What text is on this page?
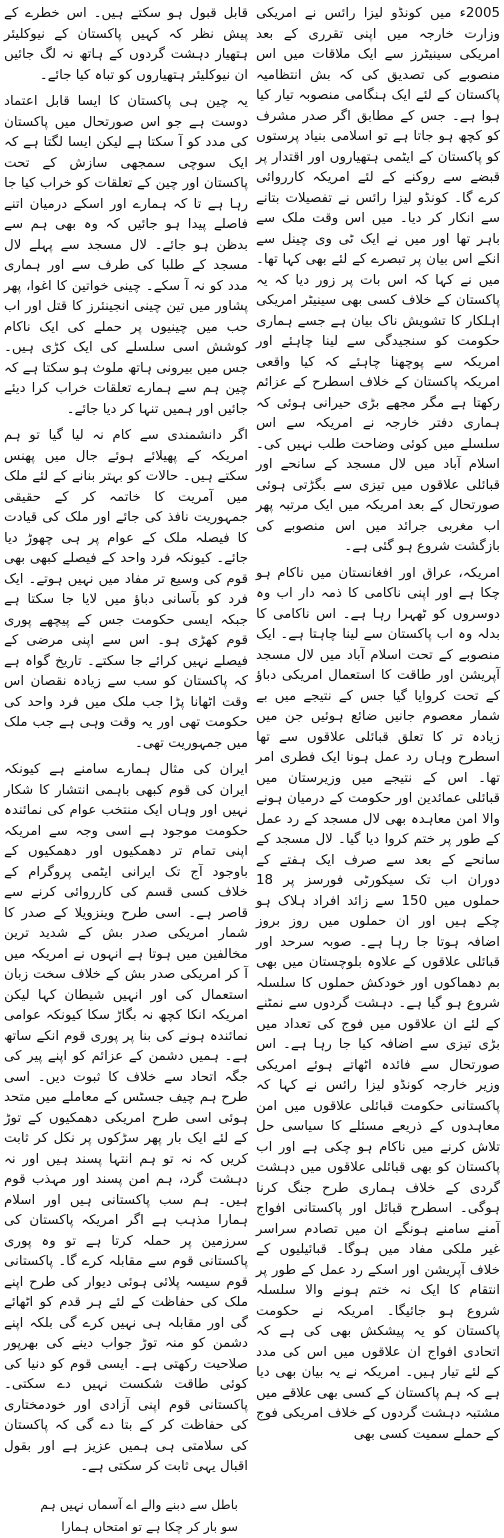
2005ء میں کونڈو لیزا رائس نے امریکی وزارت خارجہ میں اپنی تقرری کے بعد امریکی سینیٹرز سے ایک ملاقات میں اس منصوبے کی تصدیق کی کہ بش انتظامیہ پاکستان کے لئے ایک ہنگامی منصوبہ تیار کیا ہوا ہے۔ جس کے مطابق اگر صدر مشرف کو کچھ ہو جاتا ہے تو اسلامی بنیاد پرستوں کو پاکستان کے ایٹمی ہتھیاروں اور اقتدار پر قبضے سے روکنے کے لئے امریکہ کارروائی کرے گا۔ کونڈو لیزا رائس نے تفصیلات بتانے سے انکار کر دیا۔ میں اس وقت ملک سے باہر تھا اور میں نے ایک ٹی وی چینل سے انکے اس بیان پر تبصرے کے لئے بھی کہا تھا۔ میں نے کہا کہ اس بات پر زور دیا کہ یہ پاکستان کے خلاف کسی بھی سینیٹر امریکی اہلکار کا تشویش ناک بیان ہے جسے ہماری حکومت کو سنجیدگی سے لینا چاہئے اور امریکہ سے پوچھنا چاہئے کہ کیا واقعی امریکہ پاکستان کے خلاف اسطرح کے عزائم رکھتا ہے مگر مجھے بڑی حیرانی ہوئی کہ ہماری دفتر خارجہ نے امریکہ سے اس سلسلے میں کوئی وضاحت طلب نہیں کی۔ اسلام آباد میں لال مسجد کے سانحے اور قبائلی علاقوں میں تیزی سے بگڑتی ہوئی صورتحال کے بعد امریکہ میں ایک مرتبہ پھر اب مغربی جرائد میں اس منصوبے کی بازگشت شروع ہو گئی ہے۔

امریکہ، عراق اور افغانستان میں ناکام ہو چکا ہے اور اپنی ناکامی کا ذمہ دار اب وہ دوسروں کو ٹھہرا رہا ہے۔ اس ناکامی کا بدلہ وہ اب پاکستان سے لینا چاہتا ہے۔ ایک منصوبے کے تحت اسلام آباد میں لال مسجد آپریشن اور طاقت کا استعمال امریکی دباؤ کے تحت کروایا گیا جس کے نتیجے میں بے شمار معصوم جانیں ضائع ہوئیں جن میں زیادہ تر کا تعلق قبائلی علاقوں سے تھا اسطرح وہاں رد عمل ہونا ایک فطری امر تھا۔ اس کے نتیجے میں وزیرستان میں قبائلی عمائدین اور حکومت کے درمیان ہونے والا امن معاہدہ بھی لال مسجد کے رد عمل کے طور پر ختم کروا دیا گیا۔ لال مسجد کے سانحے کے بعد سے صرف ایک ہفتے کے دوران اب تک سیکورٹی فورسز پر 18 حملوں میں 150 سے زائد افراد ہلاک ہو چکے ہیں اور ان حملوں میں روز بروز اضافہ ہوتا جا رہا ہے۔ صوبہ سرحد اور قبائلی علاقوں کے علاوہ بلوچستان میں بھی بم دھماکوں اور خودکش حملوں کا سلسلہ شروع ہو گیا ہے۔ دہشت گردوں سے نمٹنے کے لئے ان علاقوں میں فوج کی تعداد میں بڑی تیزی سے اضافہ کیا جا رہا ہے۔ اس صورتحال سے فائدہ اٹھاتے ہوئے امریکی وزیر خارجہ کونڈو لیزا رائس نے کہا کہ پاکستانی حکومت قبائلی علاقوں میں امن معاہدوں کے ذریعے مسئلے کا سیاسی حل تلاش کرنے میں ناکام ہو چکی ہے اور اب پاکستان کو بھی قبائلی علاقوں میں دہشت گردی کے خلاف ہماری طرح جنگ کرنا ہوگی۔ اسطرح قبائل اور پاکستانی افواج آمنے سامنے ہونگے ان میں تصادم سراسر غیر ملکی مفاد میں ہوگا۔ قبائیلیوں کے خلاف آپریشن اور اسکے رد عمل کے طور پر انتقام کا ایک نہ ختم ہونے والا سلسلہ شروع ہو جائیگا۔ امریکہ نے حکومت پاکستان کو یہ پیشکش بھی کی ہے کہ اتحادی افواج ان علاقوں میں اس کی مدد کے لئے تیار ہیں۔ امریکہ نے یہ بیان بھی دیا ہے کہ ہم پاکستان کے کسی بھی علاقے میں مشتبہ دہشت گردوں کے خلاف امریکی فوج کے حملے سمیت کسی بھی

قابل قبول ہو سکتے ہیں۔ اس خطرے کے پیش نظر کہ کہیں پاکستان کے نیوکلیئر ہتھیار دہشت گردوں کے ہاتھ نہ لگ جائیں ان نیوکلیئر ہتھیاروں کو تباہ کیا جائے۔

یہ چین ہی پاکستان کا ایسا قابل اعتماد دوست ہے جو اس صورتحال میں پاکستان کی مدد کو آ سکتا ہے لیکن ایسا لگتا ہے کہ ایک سوچی سمجھی سازش کے تحت پاکستان اور چین کے تعلقات کو خراب کیا جا رہا ہے تا کہ ہمارے اور اسکے درمیان اتنے فاصلے پیدا ہو جائیں کہ وہ بھی ہم سے بدظن ہو جائے۔ لال مسجد سے پہلے لال مسجد کے طلبا کی طرف سے اور ہماری مدد کو نہ آ سکے۔ چینی خواتین کا اغوا، پھر پشاور میں تین چینی انجینئرز کا قتل اور اب حب میں چینیوں پر حملے کی ایک ناکام کوشش اسی سلسلے کی ایک کڑی ہیں۔ جس میں بیرونی ہاتھ ملوث ہو سکتا ہے کہ چین ہم سے ہمارے تعلقات خراب کرا دیئے جائیں اور ہمیں تنہا کر دیا جائے۔

اگر دانشمندی سے کام نہ لیا گیا تو ہم امریکہ کے پھیلائے ہوئے جال میں پھنس سکتے ہیں۔ حالات کو بہتر بنانے کے لئے ملک میں آمریت کا خاتمہ کر کے حقیقی جمہوریت نافذ کی جائے اور ملک کی قیادت کا فیصلہ ملک کے عوام پر ہی چھوڑ دیا جائے۔ کیونکہ فرد واحد کے فیصلے کبھی بھی قوم کی وسیع تر مفاد میں نہیں ہوتے۔ ایک فرد کو بآسانی دباؤ میں لایا جا سکتا ہے جبکہ ایسی حکومت جس کے پیچھے پوری قوم کھڑی ہو۔ اس سے اپنی مرضی کے فیصلے نہیں کرائے جا سکتے۔ تاریخ گواہ ہے کہ پاکستان کو سب سے زیادہ نقصان اس وقت اٹھانا پڑا جب ملک میں فرد واحد کی حکومت تھی اور یہ وقت وہی ہے جب ملک میں جمہوریت تھی۔

ایران کی مثال ہمارے سامنے ہے کیونکہ ایران کی قوم کبھی باہمی انتشار کا شکار نہیں اور وہاں ایک منتخب عوام کی نمائندہ حکومت موجود ہے اسی وجہ سے امریکہ اپنی تمام تر دھمکیوں اور دھمکیوں کے باوجود آج تک ایرانی ایٹمی پروگرام کے خلاف کسی قسم کی کارروائی کرنے سے قاصر ہے۔ اسی طرح وینزویلا کے صدر کا شمار امریکی صدر بش کے شدید ترین مخالفین میں ہوتا ہے انہوں نے امریکہ میں آ کر امریکی صدر بش کے خلاف سخت زبان استعمال کی اور انہیں شیطان کہا لیکن امریکہ انکا کچھ نہ بگاڑ سکا کیونکہ عوامی نمائندہ ہونے کی بنا پر پوری قوم انکے ساتھ ہے۔ ہمیں دشمن کے عزائم کو اپنے پیر کی جگہ اتحاد سے خلاف کا ثبوت دیں۔ اسی طرح ہم چیف جسٹس کے معاملے میں متحد ہوئی اسی طرح امریکی دھمکیوں کے توڑ کے لئے ایک بار پھر سڑکوں پر نکل کر ثابت کریں کہ نہ تو ہم انتہا پسند ہیں اور نہ دہشت گرد، ہم امن پسند اور مہذب قوم ہیں۔ ہم سب پاکستانی ہیں اور اسلام ہمارا مذہب ہے اگر امریکہ پاکستان کی سرزمین پر حملہ کرتا ہے تو وہ پوری پاکستانی قوم سے مقابلہ کرے گا۔ پاکستانی قوم سیسہ پلائی ہوئی دیوار کی طرح اپنے ملک کی حفاظت کے لئے ہر قدم کو اٹھائے گی اور مقابلہ ہی نہیں کرے گی بلکہ اپنے دشمن کو منہ توڑ جواب دینے کی بھرپور صلاحیت رکھتی ہے۔ ایسی قوم کو دنیا کی کوئی طاقت شکست نہیں دے سکتی۔ پاکستانی قوم اپنی آزادی اور خودمختاری کی حفاظت کر کے بتا دے گی کہ پاکستان کی سلامتی ہی ہمیں عزیز ہے اور بقول اقبال یہی ثابت کر سکتی ہے۔

باطل سے دبنے والے اے آسماں نہیں ہم
سو بار کر چکا ہے تو امتحاں ہمارا
